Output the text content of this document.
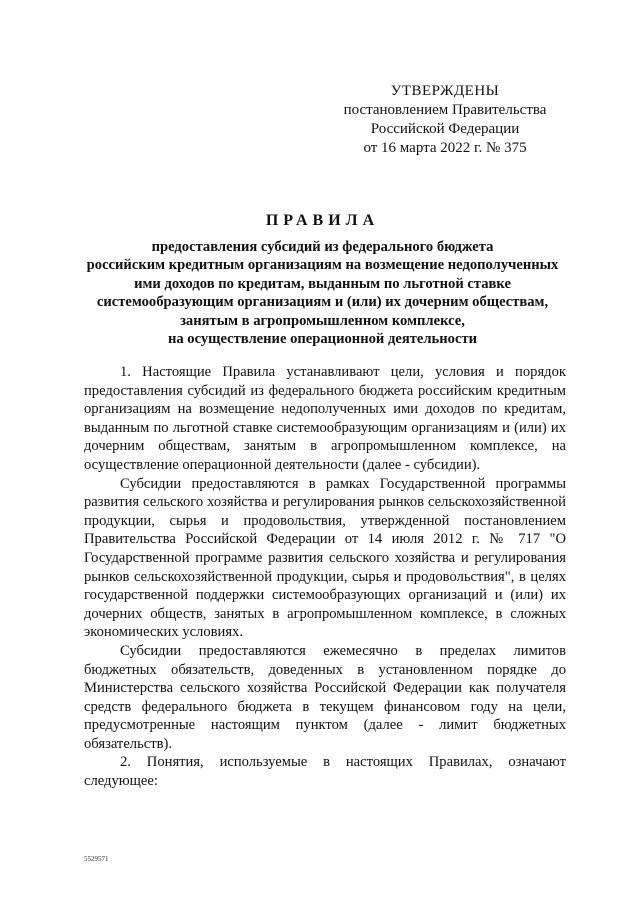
УТВЕРЖДЕНЫ
постановлением Правительства
Российской Федерации
от 16 марта 2022 г. № 375
ПРАВИЛА
предоставления субсидий из федерального бюджета
российским кредитным организациям на возмещение недополученных
ими доходов по кредитам, выданным по льготной ставке
системообразующим организациям и (или) их дочерним обществам,
занятым в агропромышленном комплексе,
на осуществление операционной деятельности

1. Настоящие Правила устанавливают цели, условия и порядок предоставления субсидий из федерального бюджета российским кредитным организациям на возмещение недополученных ими доходов по кредитам, выданным по льготной ставке системообразующим организациям и (или) их дочерним обществам, занятым в агропромышленном комплексе, на осуществление операционной деятельности (далее - субсидии).

Субсидии предоставляются в рамках Государственной программы развития сельского хозяйства и регулирования рынков сельскохозяйственной продукции, сырья и продовольствия, утвержденной постановлением Правительства Российской Федерации от 14 июля 2012 г. № 717 "О Государственной программе развития сельского хозяйства и регулирования рынков сельскохозяйственной продукции, сырья и продовольствия", в целях государственной поддержки системообразующих организаций и (или) их дочерних обществ, занятых в агропромышленном комплексе, в сложных экономических условиях.

Субсидии предоставляются ежемесячно в пределах лимитов бюджетных обязательств, доведенных в установленном порядке до Министерства сельского хозяйства Российской Федерации как получателя средств федерального бюджета в текущем финансовом году на цели, предусмотренные настоящим пунктом (далее - лимит бюджетных обязательств).

2. Понятия, используемые в настоящих Правилах, означают следующее:

5529571
